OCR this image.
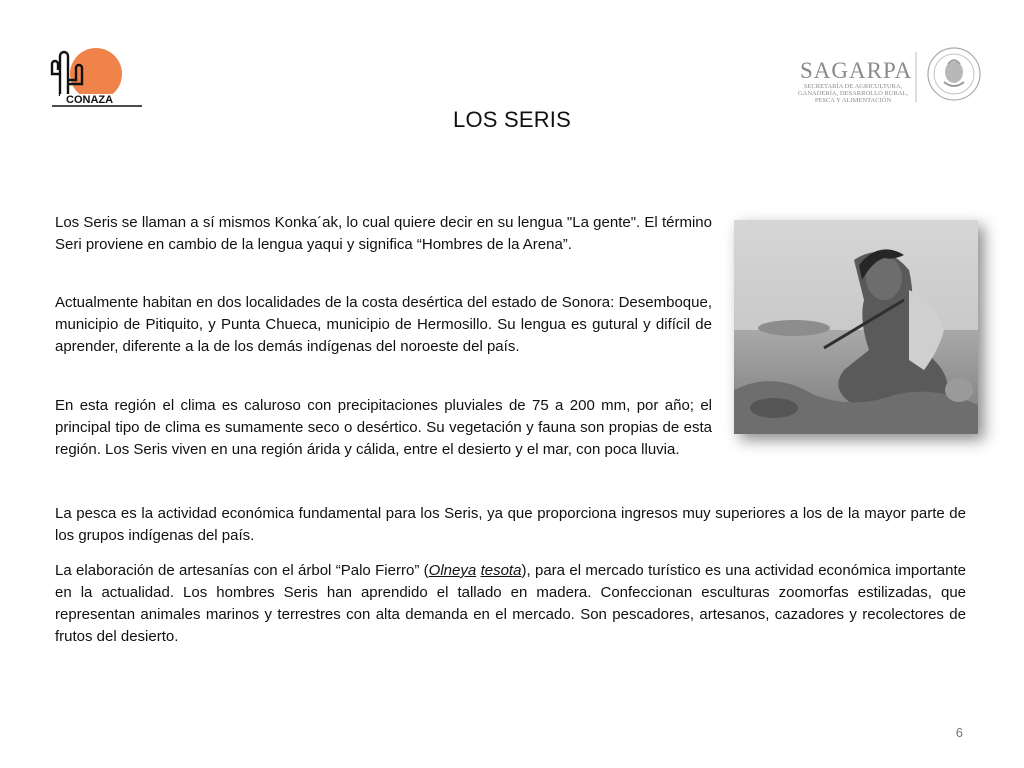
CONAZA
SAGARPA
SECRETARÍA DE AGRICULTURA,
GANADERÍA, DESARROLLO RURAL,
PESCA Y ALIMENTACIÓN
LOS SERIS

Los Seris se llaman a sí mismos Konka´ak, lo cual quiere decir en su lengua "La gente". El término Seri proviene en cambio de la lengua yaqui y significa “Hombres de la Arena”.

Actualmente habitan en dos localidades de la costa desértica del estado de Sonora: Desemboque, municipio de Pitiquito, y Punta Chueca, municipio de Hermosillo. Su lengua es gutural y difícil de aprender, diferente a la de los demás indígenas del noroeste del país.

En esta región el clima es caluroso con precipitaciones pluviales de 75 a 200 mm, por año; el principal tipo de clima es sumamente seco o desértico. Su vegetación y fauna son propias de esta región. Los Seris viven en una región árida y cálida, entre el desierto y el mar, con poca lluvia.

La pesca es la actividad económica fundamental para los Seris, ya que proporciona ingresos muy superiores a los de la mayor parte de los grupos indígenas del país.

La elaboración de artesanías con el árbol “Palo Fierro” (Olneya tesota), para el mercado turístico es una actividad económica importante en la actualidad. Los hombres Seris han aprendido el tallado en madera. Confeccionan esculturas zoomorfas estilizadas, que representan animales marinos y terrestres con alta demanda en el mercado. Son pescadores, artesanos, cazadores y recolectores de frutos del desierto.

6
